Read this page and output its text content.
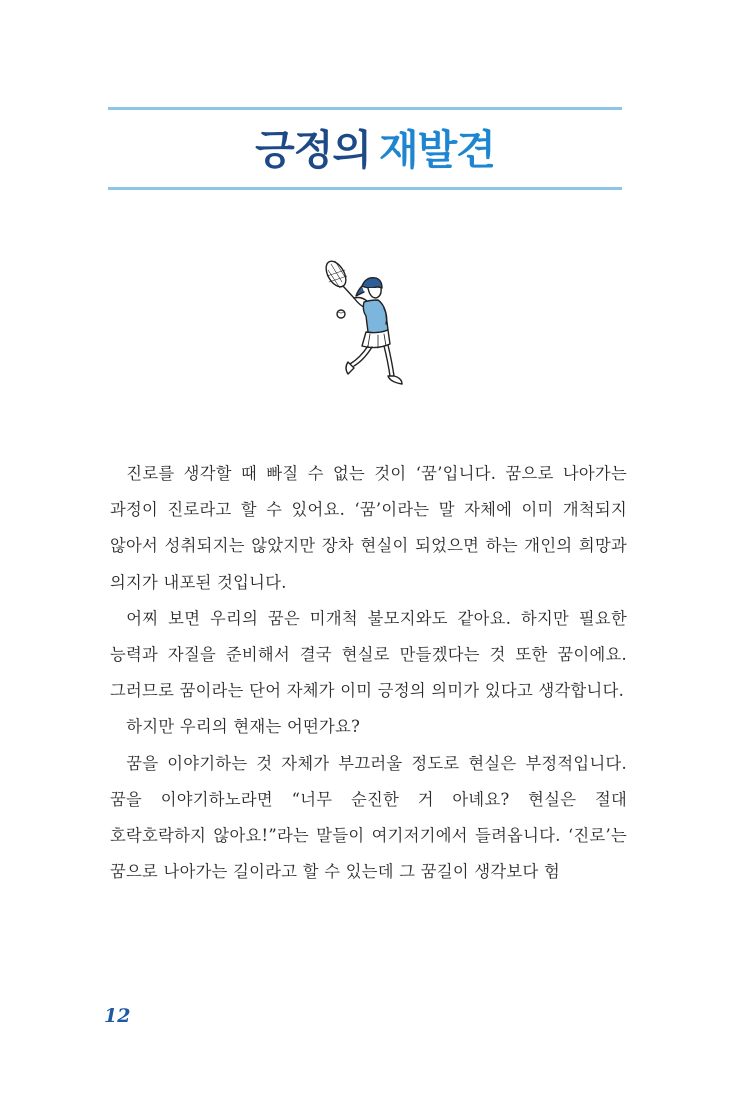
긍정의 재발견

진로를 생각할 때 빠질 수 없는 것이 ‘꿈’입니다. 꿈으로 나아가는 과정이 진로라고 할 수 있어요. ‘꿈’이라는 말 자체에 이미 개척되지 않아서 성취되지는 않았지만 장차 현실이 되었으면 하는 개인의 희망과 의지가 내포된 것입니다.

어찌 보면 우리의 꿈은 미개척 불모지와도 같아요. 하지만 필요한 능력과 자질을 준비해서 결국 현실로 만들겠다는 것 또한 꿈이에요. 그러므로 꿈이라는 단어 자체가 이미 긍정의 의미가 있다고 생각합니다.

하지만 우리의 현재는 어떤가요?

꿈을 이야기하는 것 자체가 부끄러울 정도로 현실은 부정적입니다. 꿈을 이야기하노라면 “너무 순진한 거 아녜요? 현실은 절대 호락호락하지 않아요!”라는 말들이 여기저기에서 들려옵니다. ‘진로’는 꿈으로 나아가는 길이라고 할 수 있는데 그 꿈길이 생각보다 험

12
